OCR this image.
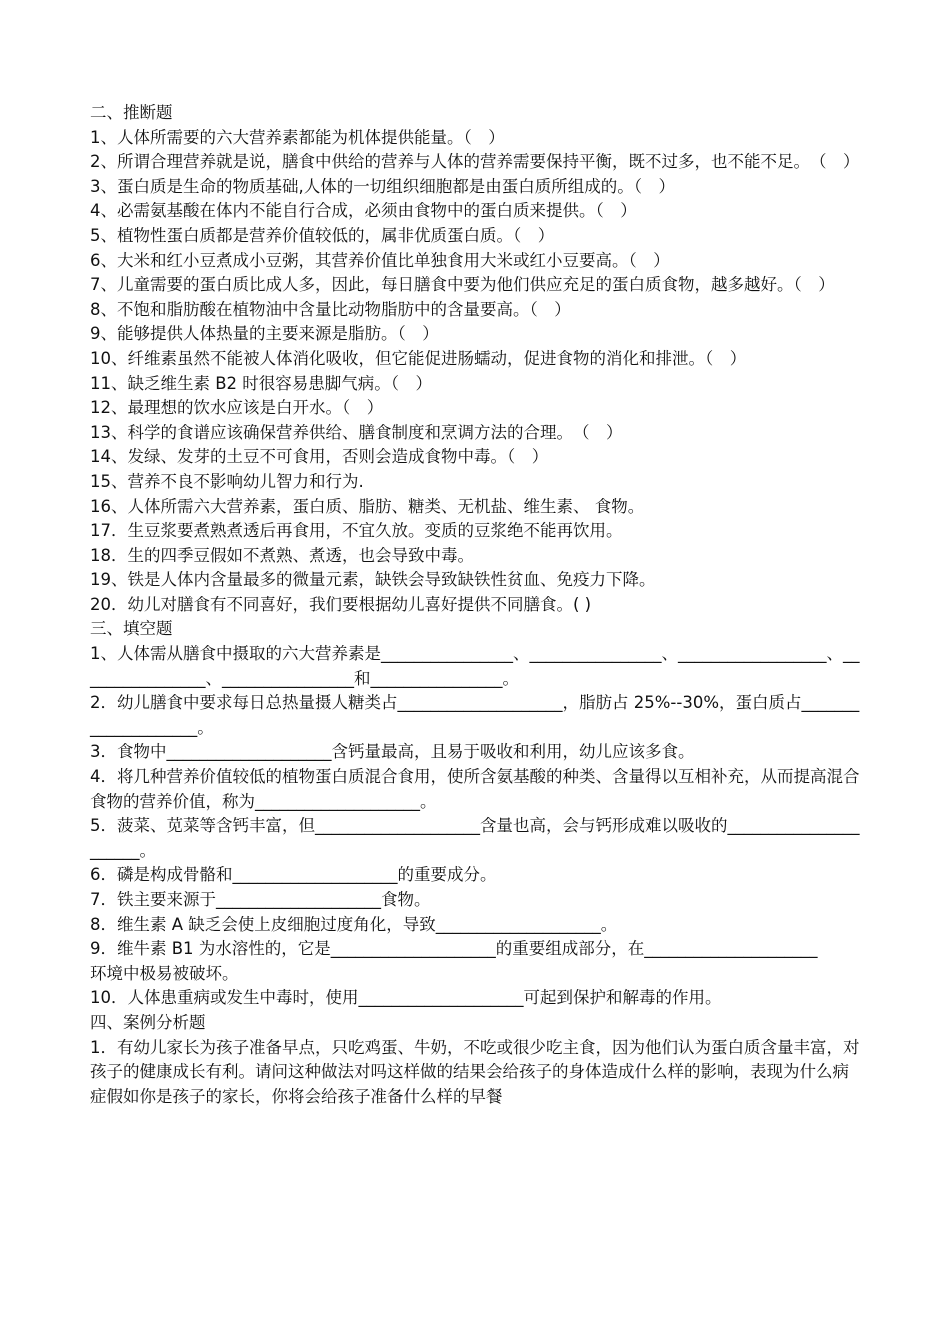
二、推断题
1、人体所需要的六大营养素都能为机体提供能量。（　）
2、所谓合理营养就是说，膳食中供给的营养与人体的营养需要保持平衡，既不过多，也不能不足。　（　）
3、蛋白质是生命的物质基础,人体的一切组织细胞都是由蛋白质所组成的。（　）
4、必需氨基酸在体内不能自行合成，必须由食物中的蛋白质来提供。（　）
5、植物性蛋白质都是营养价值较低的，属非优质蛋白质。（　）
6、大米和红小豆煮成小豆粥，其营养价值比单独食用大米或红小豆要高。（　）
7、儿童需要的蛋白质比成人多，因此，每日膳食中要为他们供应充足的蛋白质食物，越多越好。（　）
8、不饱和脂肪酸在植物油中含量比动物脂肪中的含量要高。（　）
9、能够提供人体热量的主要来源是脂肪。（　）
10、纤维素虽然不能被人体消化吸收，但它能促进肠蠕动，促进食物的消化和排泄。（　）
11、缺乏维生素 B2 时很容易患脚气病。（　）
12、最理想的饮水应该是白开水。（　）
13、科学的食谱应该确保营养供给、膳食制度和烹调方法的合理。　（　）
14、发绿、发芽的土豆不可食用，否则会造成食物中毒。（　）
15、营养不良不影响幼儿智力和行为.
16、人体所需六大营养素，蛋白质、脂肪、糖类、无机盐、维生素、 食物。
17．生豆浆要煮熟煮透后再食用，不宜久放。变质的豆浆绝不能再饮用。
18．生的四季豆假如不煮熟、煮透，也会导致中毒。
19、铁是人体内含量最多的微量元素，缺铁会导致缺铁性贫血、免疫力下降。
20．幼儿对膳食有不同喜好，我们要根据幼儿喜好提供不同膳食。( )
三、填空题
1、人体需从膳食中摄取的六大营养素是________________、________________、__________________、________________、________________和________________。
2．幼儿膳食中要求每日总热量摄人糖类占____________________，脂肪占 25%--30%，蛋白质占____________________。
3．食物中____________________含钙量最高，且易于吸收和利用，幼儿应该多食。
4．将几种营养价值较低的植物蛋白质混合食用，使所含氨基酸的种类、含量得以互相补充，从而提高混合食物的营养价值，称为____________________。
5．菠菜、苋菜等含钙丰富，但____________________含量也高，会与钙形成难以吸收的______________________。
6．磷是构成骨骼和____________________的重要成分。
7．铁主要来源于____________________食物。
8．维生素 A 缺乏会使上皮细胞过度角化，导致____________________。
9．维牛素 B1 为水溶性的，它是____________________的重要组成部分，在_____________________
环境中极易被破坏。
10．人体患重病或发生中毒时，使用____________________可起到保护和解毒的作用。
四、案例分析题
1．有幼儿家长为孩子准备早点，只吃鸡蛋、牛奶，不吃或很少吃主食，因为他们认为蛋白质含量丰富，对孩子的健康成长有利。请问这种做法对吗这样做的结果会给孩子的身体造成什么样的影响，表现为什么病症假如你是孩子的家长，你将会给孩子准备什么样的早餐
